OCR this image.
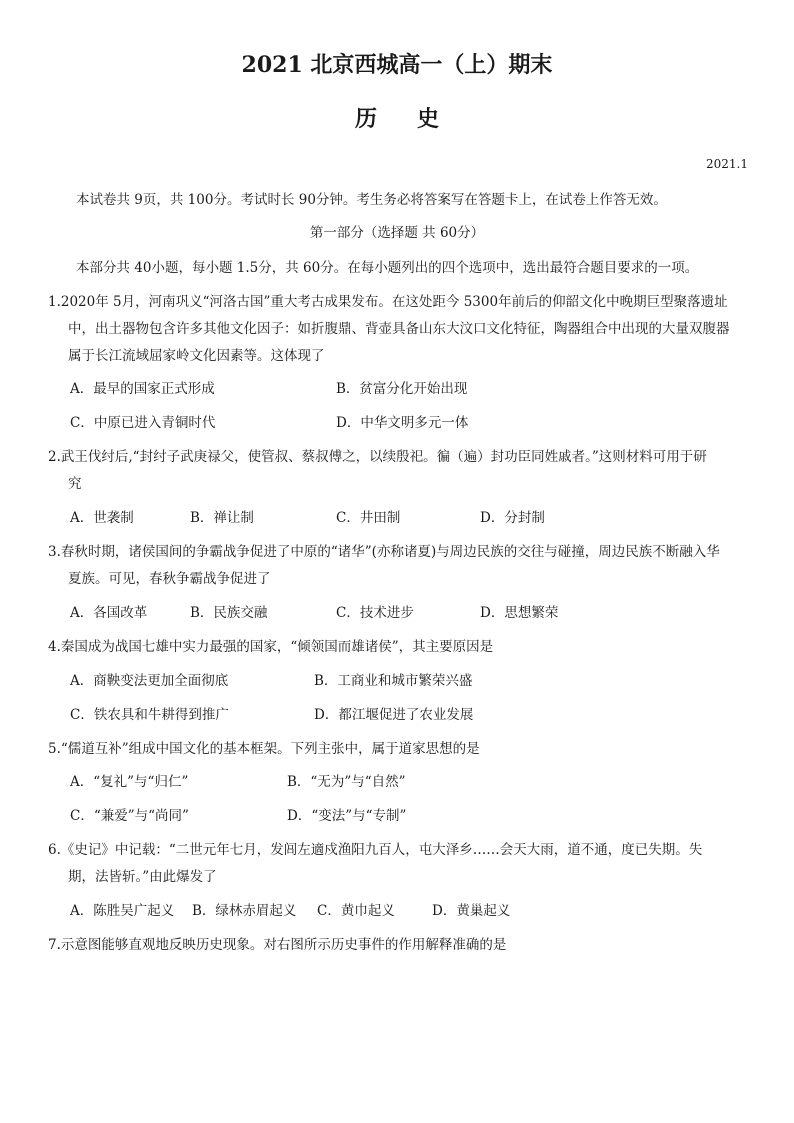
2021 北京西城高一（上）期末
历 史
2021.1
本试卷共 9页，共 100分。考试时长 90分钟。考生务必将答案写在答题卡上，在试卷上作答无效。
第一部分（选择题 共 60分）
本部分共 40小题，每小题 1.5分，共 60分。在每小题列出的四个选项中，选出最符合题目要求的一项。
1.2020年 5月，河南巩义“河洛古国”重大考古成果发布。在这处距今 5300年前后的仰韶文化中晚期巨型聚落遗址
中，出土器物包含许多其他文化因子：如折腹鼎、背壶具备山东大汶口文化特征，陶器组合中出现的大量双腹器
属于长江流域屈家岭文化因素等。这体现了
A．最早的国家正式形成	B．贫富分化开始出现
C．中原已进入青铜时代	D．中华文明多元一体
2.武王伐纣后,“封纣子武庚禄父，使管叔、蔡叔傅之，以续殷祀。徧（遍）封功臣同姓戚者。”这则材料可用于研
究
A．世袭制	B．禅让制	C．井田制	D．分封制
3.春秋时期，诸侯国间的争霸战争促进了中原的“诸华”(亦称诸夏)与周边民族的交往与碰撞，周边民族不断融入华
夏族。可见，春秋争霸战争促进了
A．各国改革	B．民族交融	C．技术进步	D．思想繁荣
4.秦国成为战国七雄中实力最强的国家，“倾领国而雄诸侯”，其主要原因是
A．商鞅变法更加全面彻底	B．工商业和城市繁荣兴盛
C．铁农具和牛耕得到推广	D．都江堰促进了农业发展
5.“儒道互补”组成中国文化的基本框架。下列主张中，属于道家思想的是
A．“复礼”与“归仁”	B．“无为”与“自然”
C．“兼爱”与“尚同”	D．“变法”与“专制”
6.《史记》中记载：“二世元年七月，发闾左適戍渔阳九百人，屯大泽乡……会天大雨，道不通，度已失期。失
期，法皆斩。”由此爆发了
A．陈胜吴广起义 B．绿林赤眉起义 C．黄巾起义	D．黄巢起义
7.示意图能够直观地反映历史现象。对右图所示历史事件的作用解释准确的是
